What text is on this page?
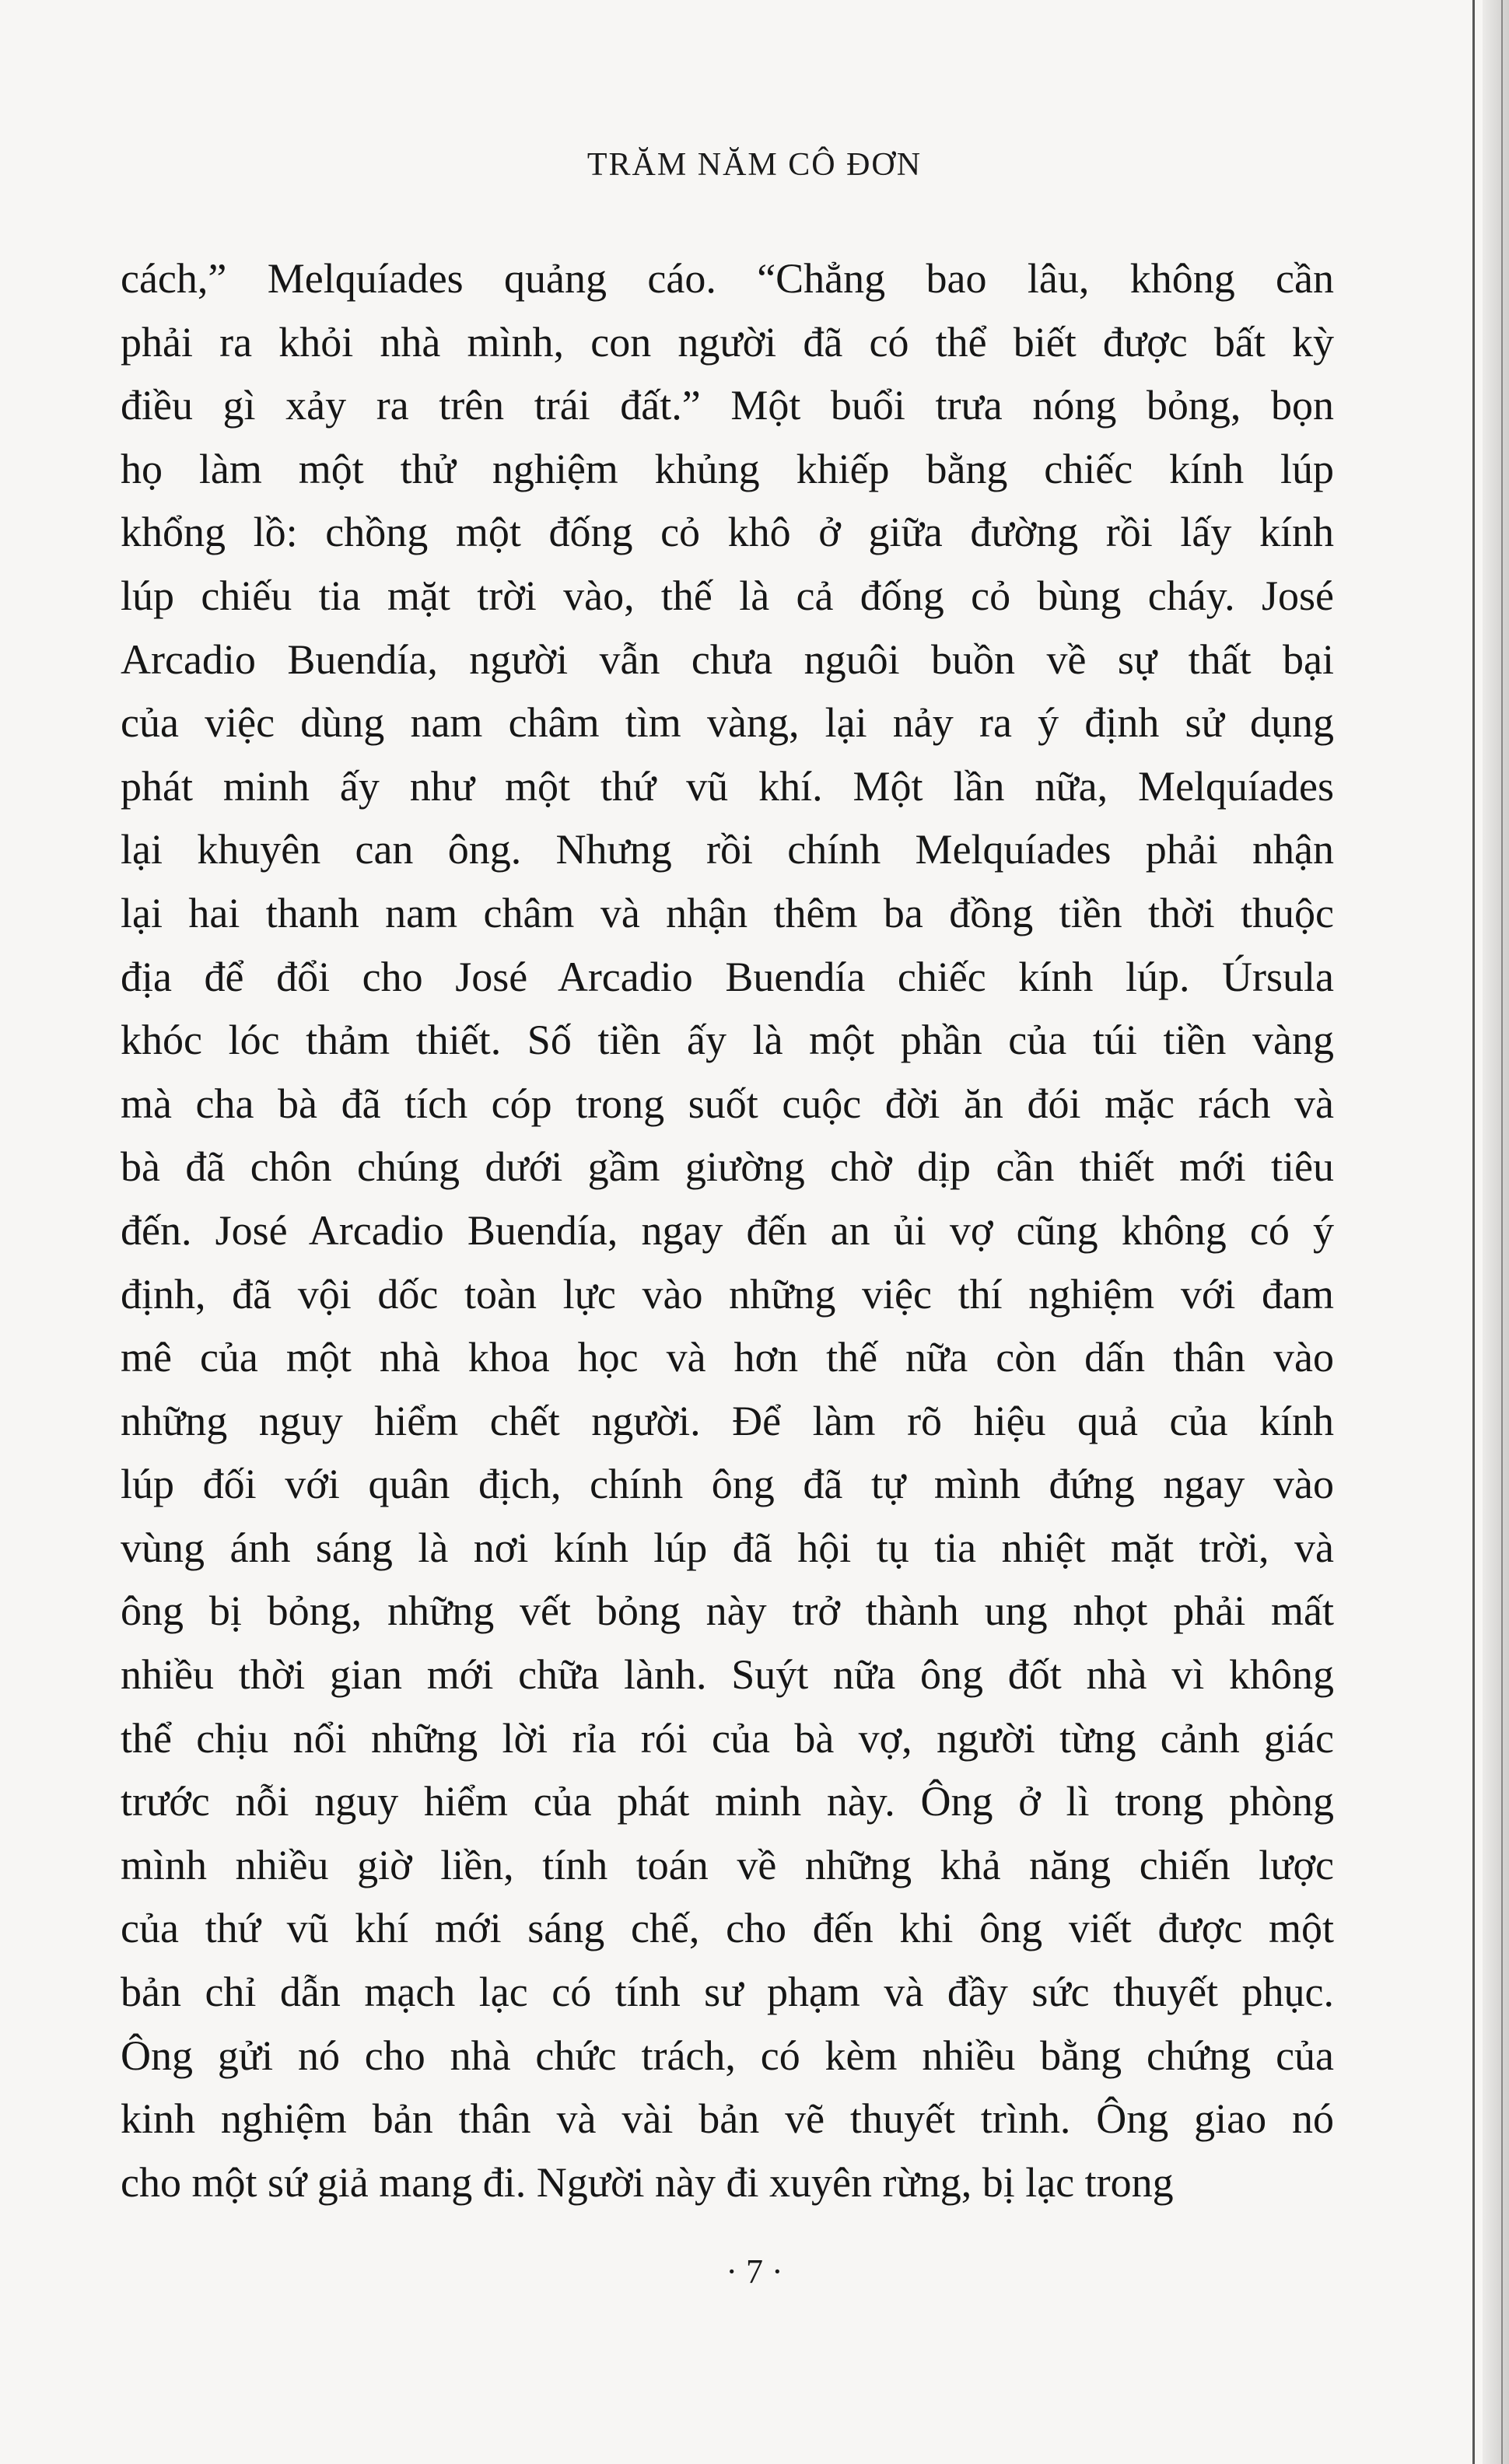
TRĂM NĂM CÔ ĐƠN
cách,” Melquíades quảng cáo. “Chẳng bao lâu, không cần
phải ra khỏi nhà mình, con người đã có thể biết được bất kỳ
điều gì xảy ra trên trái đất.” Một buổi trưa nóng bỏng, bọn
họ làm một thử nghiệm khủng khiếp bằng chiếc kính lúp
khổng lồ: chồng một đống cỏ khô ở giữa đường rồi lấy kính
lúp chiếu tia mặt trời vào, thế là cả đống cỏ bùng cháy. José
Arcadio Buendía, người vẫn chưa nguôi buồn về sự thất bại
của việc dùng nam châm tìm vàng, lại nảy ra ý định sử dụng
phát minh ấy như một thứ vũ khí. Một lần nữa, Melquíades
lại khuyên can ông. Nhưng rồi chính Melquíades phải nhận
lại hai thanh nam châm và nhận thêm ba đồng tiền thời thuộc
địa để đổi cho José Arcadio Buendía chiếc kính lúp. Úrsula
khóc lóc thảm thiết. Số tiền ấy là một phần của túi tiền vàng
mà cha bà đã tích cóp trong suốt cuộc đời ăn đói mặc rách và
bà đã chôn chúng dưới gầm giường chờ dịp cần thiết mới tiêu
đến. José Arcadio Buendía, ngay đến an ủi vợ cũng không có ý
định, đã vội dốc toàn lực vào những việc thí nghiệm với đam
mê của một nhà khoa học và hơn thế nữa còn dấn thân vào
những nguy hiểm chết người. Để làm rõ hiệu quả của kính
lúp đối với quân địch, chính ông đã tự mình đứng ngay vào
vùng ánh sáng là nơi kính lúp đã hội tụ tia nhiệt mặt trời, và
ông bị bỏng, những vết bỏng này trở thành ung nhọt phải mất
nhiều thời gian mới chữa lành. Suýt nữa ông đốt nhà vì không
thể chịu nổi những lời rỉa rói của bà vợ, người từng cảnh giác
trước nỗi nguy hiểm của phát minh này. Ông ở lì trong phòng
mình nhiều giờ liền, tính toán về những khả năng chiến lược
của thứ vũ khí mới sáng chế, cho đến khi ông viết được một
bản chỉ dẫn mạch lạc có tính sư phạm và đầy sức thuyết phục.
Ông gửi nó cho nhà chức trách, có kèm nhiều bằng chứng của
kinh nghiệm bản thân và vài bản vẽ thuyết trình. Ông giao nó
cho một sứ giả mang đi. Người này đi xuyên rừng, bị lạc trong
· 7 ·
